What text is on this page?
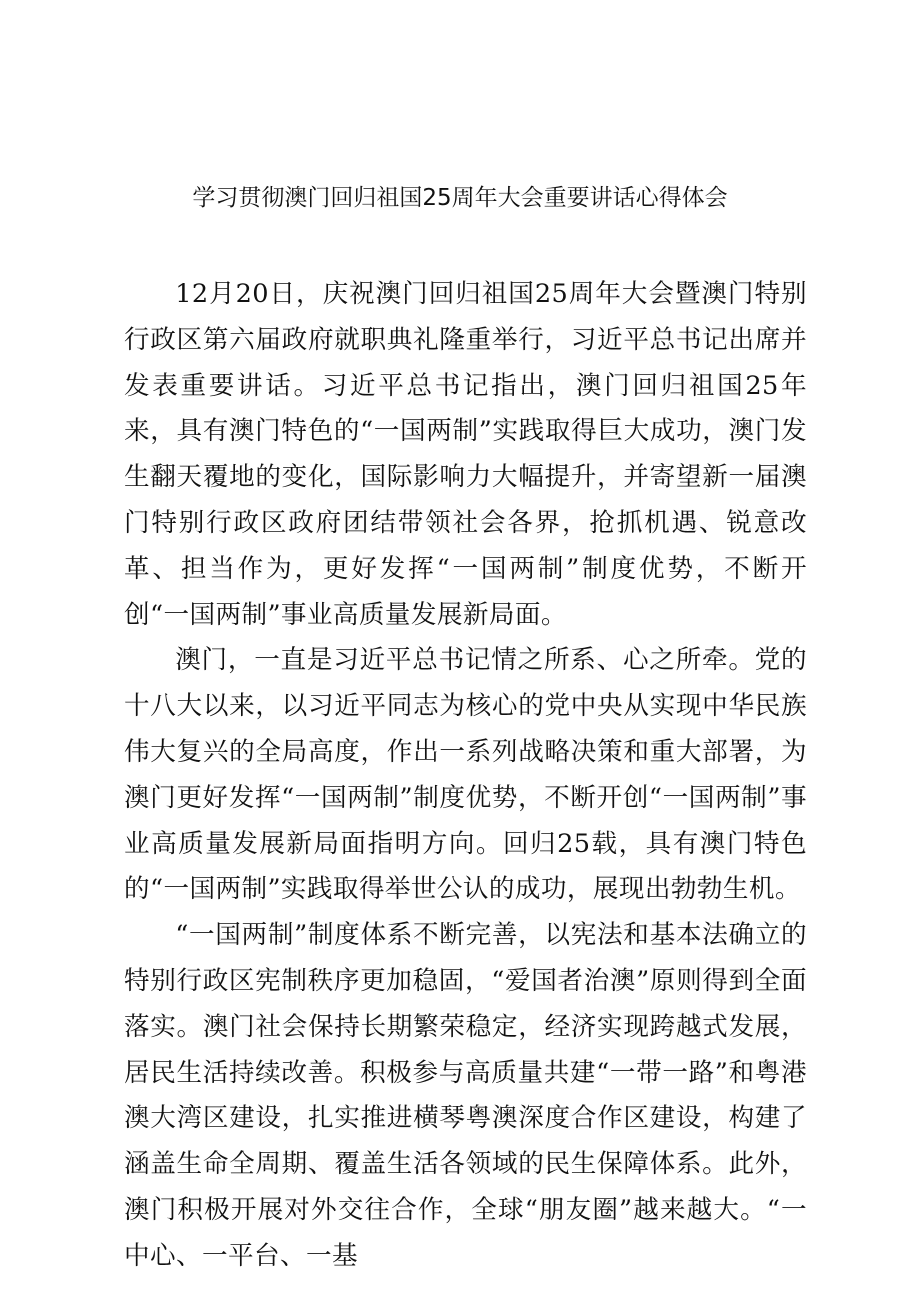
学习贯彻澳门回归祖国25周年大会重要讲话心得体会

12月20日，庆祝澳门回归祖国25周年大会暨澳门特别行政区第六届政府就职典礼隆重举行，习近平总书记出席并发表重要讲话。习近平总书记指出，澳门回归祖国25年来，具有澳门特色的“一国两制”实践取得巨大成功，澳门发生翻天覆地的变化，国际影响力大幅提升，并寄望新一届澳门特别行政区政府团结带领社会各界，抢抓机遇、锐意改革、担当作为，更好发挥“一国两制”制度优势，不断开创“一国两制”事业高质量发展新局面。

澳门，一直是习近平总书记情之所系、心之所牵。党的十八大以来，以习近平同志为核心的党中央从实现中华民族伟大复兴的全局高度，作出一系列战略决策和重大部署，为澳门更好发挥“一国两制”制度优势，不断开创“一国两制”事业高质量发展新局面指明方向。回归25载，具有澳门特色的“一国两制”实践取得举世公认的成功，展现出勃勃生机。

“一国两制”制度体系不断完善，以宪法和基本法确立的特别行政区宪制秩序更加稳固，“爱国者治澳”原则得到全面落实。澳门社会保持长期繁荣稳定，经济实现跨越式发展，居民生活持续改善。积极参与高质量共建“一带一路”和粤港澳大湾区建设，扎实推进横琴粤澳深度合作区建设，构建了涵盖生命全周期、覆盖生活各领域的民生保障体系。此外，澳门积极开展对外交往合作，全球“朋友圈”越来越大。“一中心、一平台、一基
